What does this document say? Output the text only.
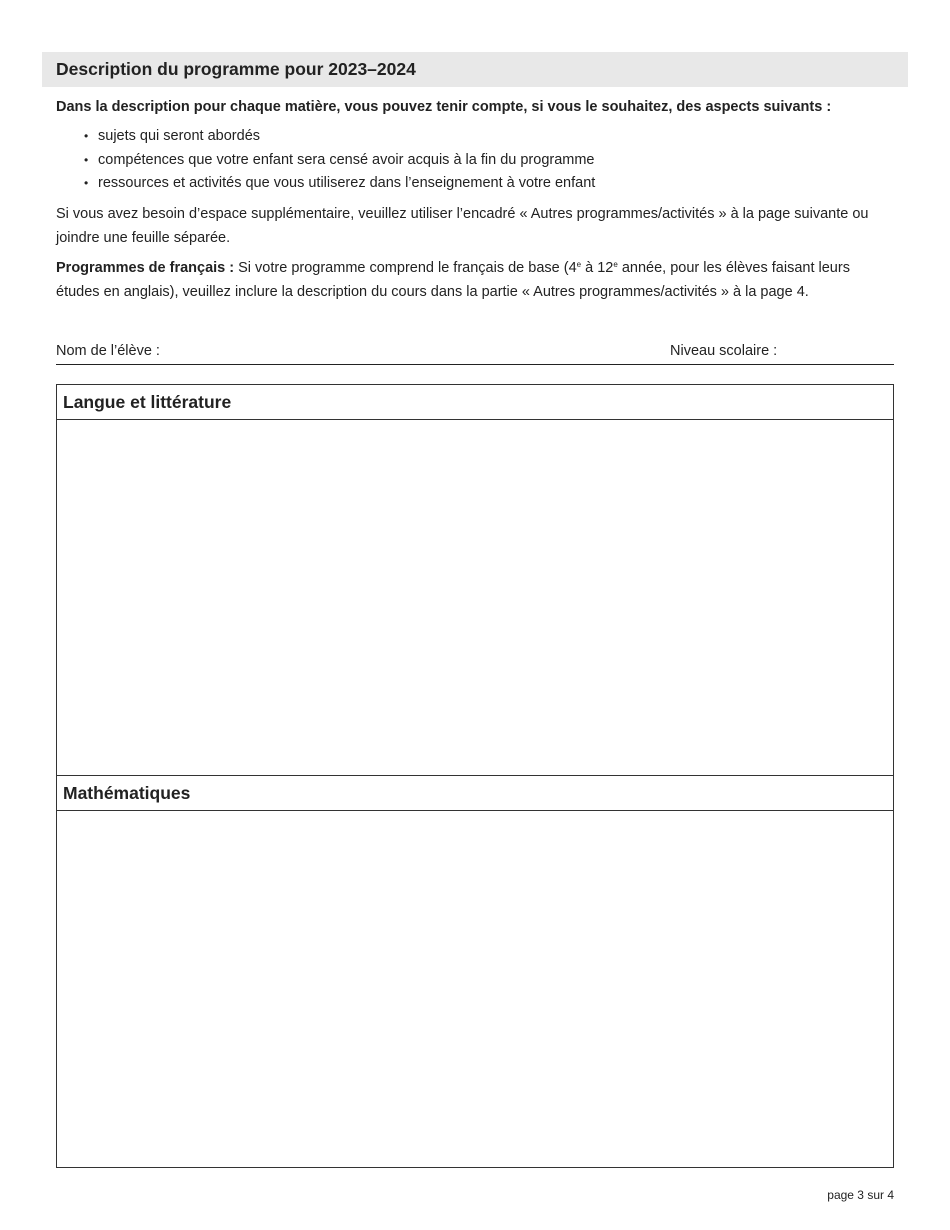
Description du programme pour 2023–2024

Dans la description pour chaque matière, vous pouvez tenir compte, si vous le souhaitez, des aspects suivants :

• sujets qui seront abordés
• compétences que votre enfant sera censé avoir acquis à la fin du programme
• ressources et activités que vous utiliserez dans l’enseignement à votre enfant

Si vous avez besoin d’espace supplémentaire, veuillez utiliser l’encadré « Autres programmes/activités » à la page suivante ou joindre une feuille séparée.

Programmes de français : Si votre programme comprend le français de base (4e à 12e année, pour les élèves faisant leurs études en anglais), veuillez inclure la description du cours dans la partie « Autres programmes/activités » à la page 4.

Nom de l’élève :	Niveau scolaire :
Langue et littérature
Mathématiques
page 3 sur 4
